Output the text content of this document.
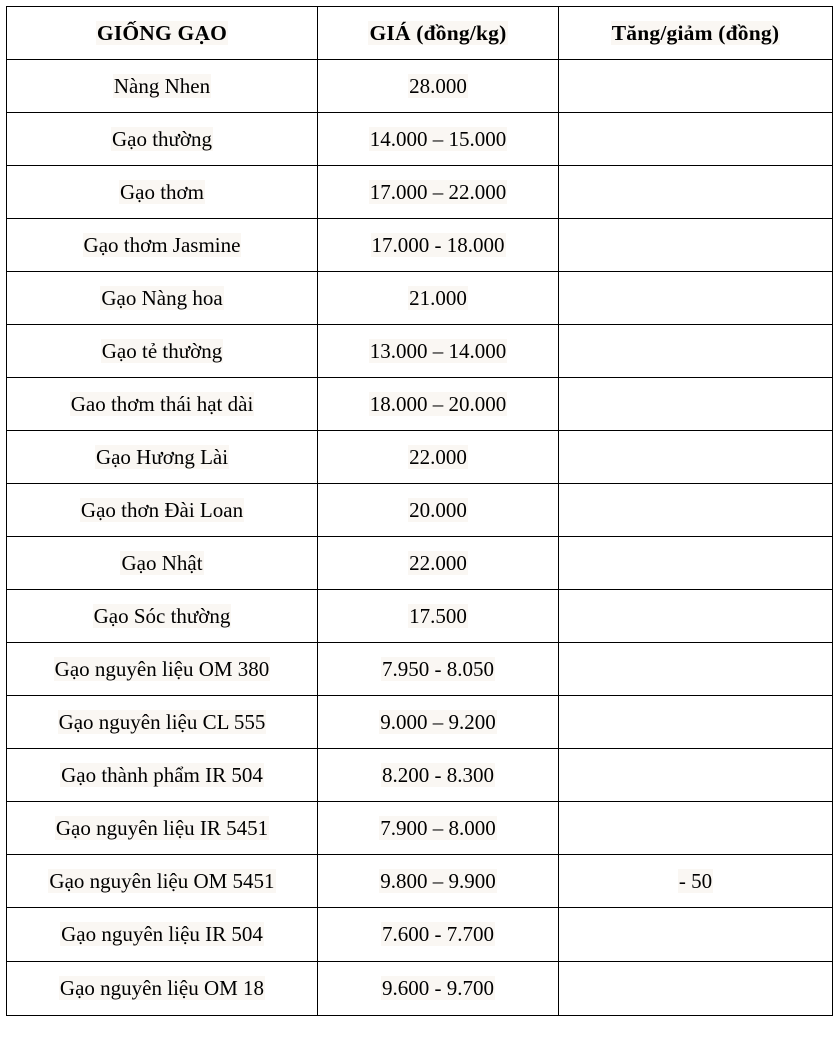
GIỐNG GẠO	GIÁ (đồng/kg)	Tăng/giảm (đồng)
Nàng Nhen	28.000	
Gạo thường	14.000 – 15.000	
Gạo thơm	17.000 – 22.000	
Gạo thơm Jasmine	17.000 - 18.000	
Gạo Nàng hoa	21.000	
Gạo tẻ thường	13.000 – 14.000	
Gao thơm thái hạt dài	18.000 – 20.000	
Gạo Hương Lài	22.000	
Gạo thơn Đài Loan	20.000	
Gạo Nhật	22.000	
Gạo Sóc thường	17.500	
Gạo nguyên liệu OM 380	7.950 - 8.050	
Gạo nguyên liệu CL 555	9.000 – 9.200	
Gạo thành phẩm IR 504	8.200 - 8.300	
Gạo nguyên liệu IR 5451	7.900 – 8.000	
Gạo nguyên liệu OM 5451	9.800 – 9.900	- 50
Gạo nguyên liệu IR 504	7.600 - 7.700	
Gạo nguyên liệu OM 18	9.600 - 9.700	
